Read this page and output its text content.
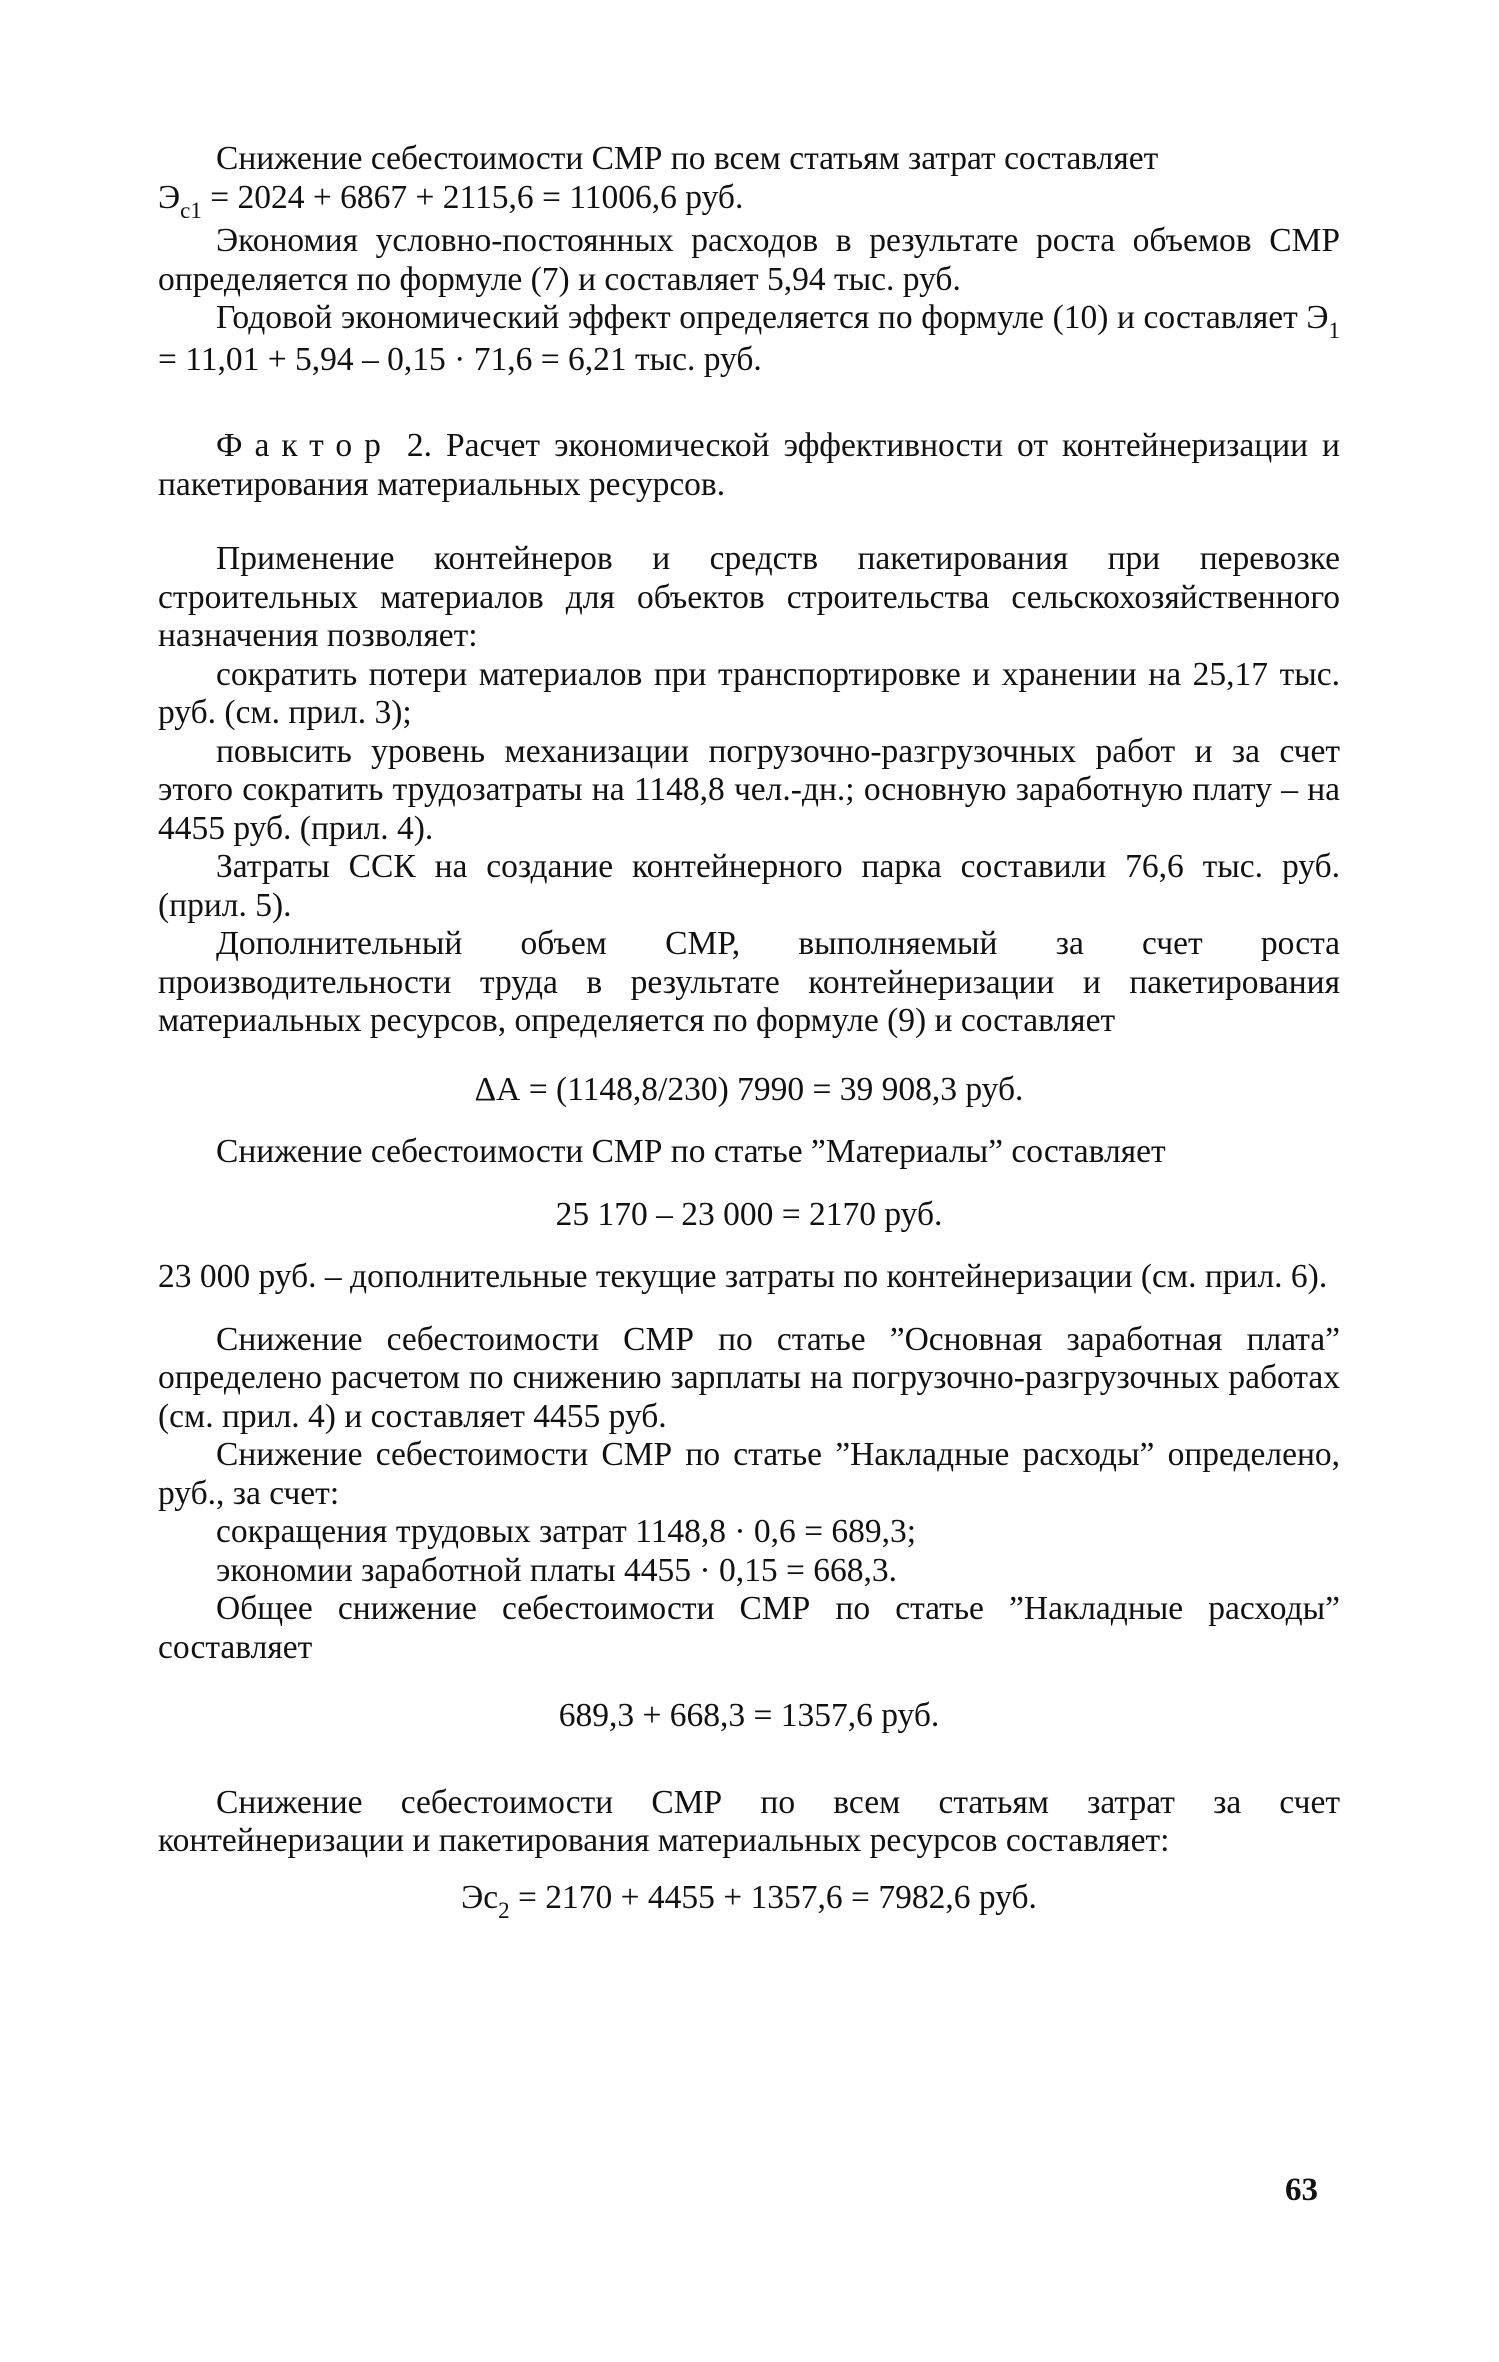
Снижение себестоимости СМР по всем статьям затрат составляет

$Э_{с1} = 2024 + 6867 + 2115,6 = 11006,6$ руб.

Экономия условно-постоянных расходов в результате роста объемов СМР определяется по формуле (7) и составляет 5,94 тыс. руб.

Годовой экономический эффект определяется по формуле (10) и составляет $Э_1 = 11,01 + 5,94 - 0,15 \cdot 71,6 = 6,21$ тыс. руб.

Фактор 2. Расчет экономической эффективности от контейнеризации и пакетирования материальных ресурсов.

Применение контейнеров и средств пакетирования при перевозке строительных материалов для объектов строительства сельскохозяйственного назначения позволяет:

сократить потери материалов при транспортировке и хранении на 25,17 тыс. руб. (см. прил. 3);

повысить уровень механизации погрузочно-разгрузочных работ и за счет этого сократить трудозатраты на 1148,8 чел.-дн.; основную заработную плату – на 4455 руб. (прил. 4).

Затраты ССК на создание контейнерного парка составили 76,6 тыс. руб. (прил. 5).

Дополнительный объем СМР, выполняемый за счет роста производительности труда в результате контейнеризации и пакетирования материальных ресурсов, определяется по формуле (9) и составляет

ΔА = (1148,8/230) 7990 = 39 908,3 руб.

Снижение себестоимости СМР по статье ”Материалы” составляет

25 170 – 23 000 = 2170 руб.

23 000 руб. – дополнительные текущие затраты по контейнеризации (см. прил. 6).

Снижение себестоимости СМР по статье ”Основная заработная плата” определено расчетом по снижению зарплаты на погрузочно-разгрузочных работах (см. прил. 4) и составляет 4455 руб.

Снижение себестоимости СМР по статье ”Накладные расходы” определено, руб., за счет:

сокращения трудовых затрат 1148,8 · 0,6 = 689,3;

экономии заработной платы 4455 · 0,15 = 668,3.

Общее снижение себестоимости СМР по статье ”Накладные расходы” составляет

689,3 + 668,3 = 1357,6 руб.

Снижение себестоимости СМР по всем статьям затрат за счет контейнеризации и пакетирования материальных ресурсов составляет:

$Эс_2 = 2170 + 4455 + 1357,6 = 7982,6$ руб.

63
